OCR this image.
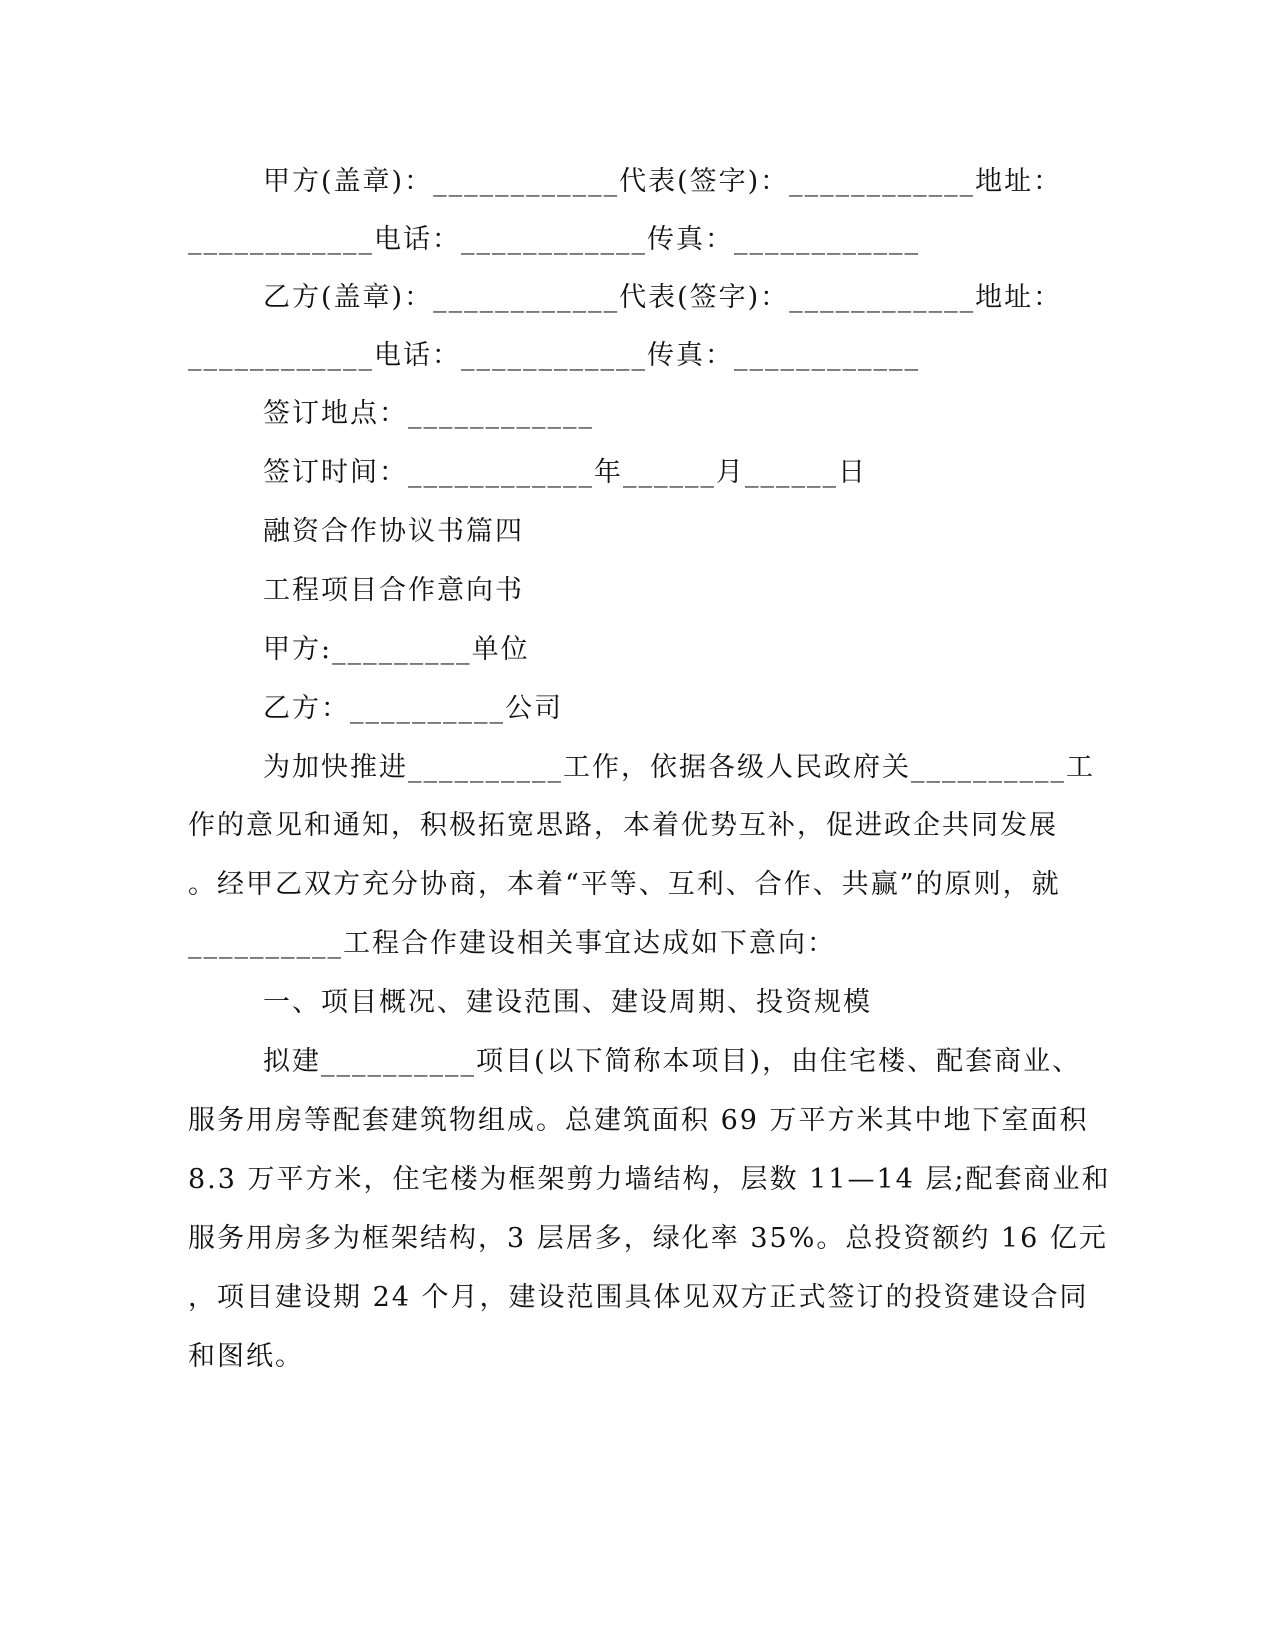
甲方(盖章)：____________代表(签字)：____________地址：
____________电话：____________传真：____________
乙方(盖章)：____________代表(签字)：____________地址：
____________电话：____________传真：____________
签订地点：____________
签订时间：____________年______月______日
融资合作协议书篇四
工程项目合作意向书
甲方:_________单位
乙方：__________公司
为加快推进__________工作，依据各级人民政府关__________工
作的意见和通知，积极拓宽思路，本着优势互补，促进政企共同发展
。经甲乙双方充分协商，本着“平等、互利、合作、共赢”的原则，就
__________工程合作建设相关事宜达成如下意向：
一、项目概况、建设范围、建设周期、投资规模
拟建__________项目(以下简称本项目)，由住宅楼、配套商业、
服务用房等配套建筑物组成。总建筑面积 69 万平方米其中地下室面积
8.3 万平方米，住宅楼为框架剪力墙结构，层数 11—14 层;配套商业和
服务用房多为框架结构，3 层居多，绿化率 35%。总投资额约 16 亿元
，项目建设期 24 个月，建设范围具体见双方正式签订的投资建设合同
和图纸。
